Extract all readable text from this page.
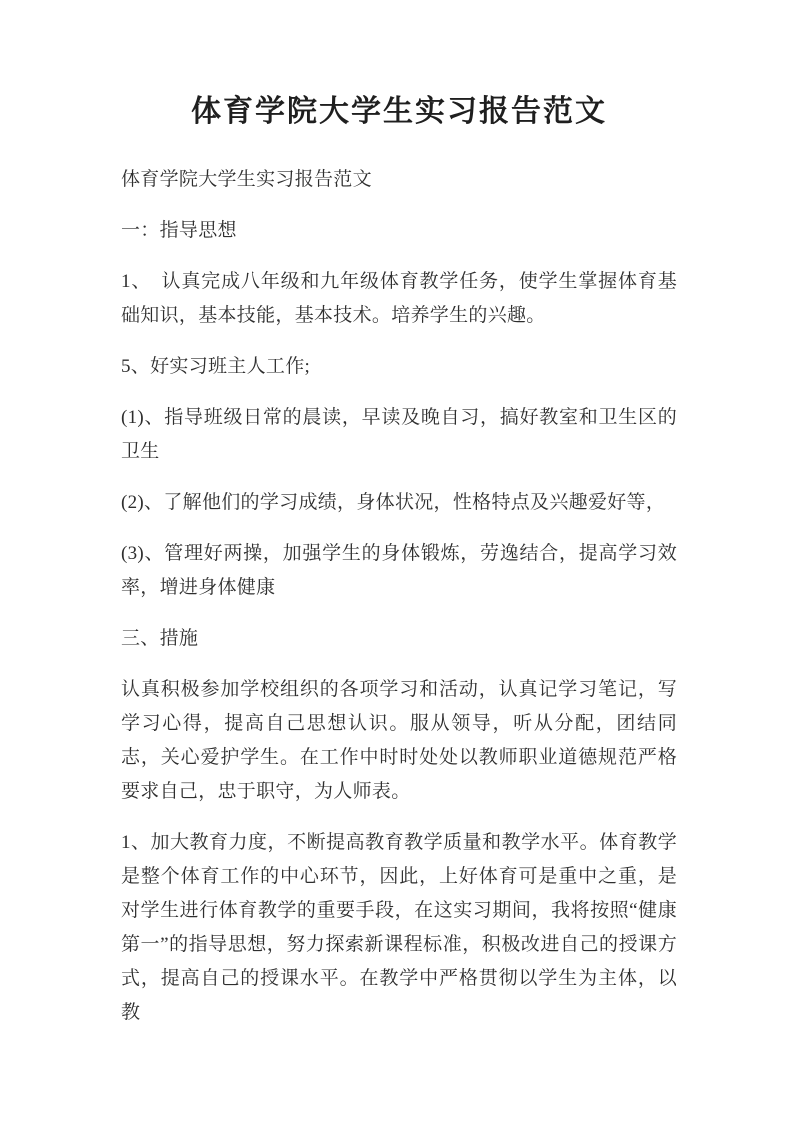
体育学院大学生实习报告范文

体育学院大学生实习报告范文

一：指导思想

1、　认真完成八年级和九年级体育教学任务，使学生掌握体育基础知识，基本技能，基本技术。培养学生的兴趣。

5、好实习班主人工作;

(1)、指导班级日常的晨读，早读及晚自习，搞好教室和卫生区的卫生

(2)、了解他们的学习成绩，身体状况，性格特点及兴趣爱好等，

(3)、管理好两操，加强学生的身体锻炼，劳逸结合，提高学习效率，增进身体健康

三、措施

认真积极参加学校组织的各项学习和活动，认真记学习笔记，写学习心得，提高自己思想认识。服从领导，听从分配，团结同志，关心爱护学生。在工作中时时处处以教师职业道德规范严格要求自己，忠于职守，为人师表。

1、加大教育力度，不断提高教育教学质量和教学水平。体育教学是整个体育工作的中心环节，因此，上好体育可是重中之重，是对学生进行体育教学的重要手段，在这实习期间，我将按照“健康第一”的指导思想，努力探索新课程标准，积极改进自己的授课方式，提高自己的授课水平。在教学中严格贯彻以学生为主体，以教
